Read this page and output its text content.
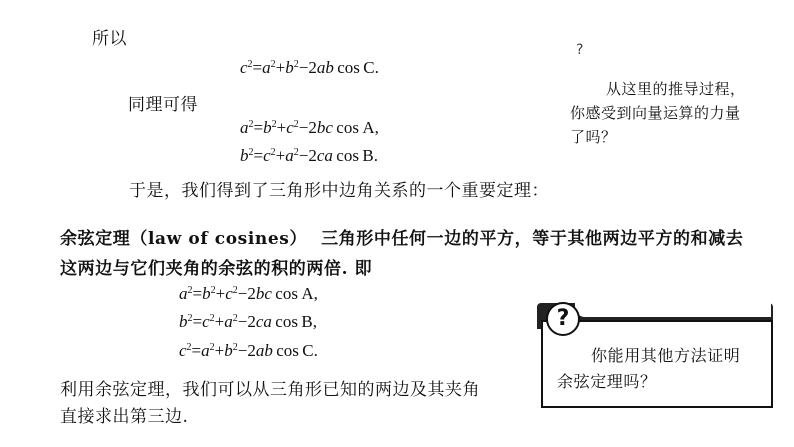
所以
$c^2=a^2+b^2-2ab$ cos C.
同理可得
$a^2=b^2+c^2-2bc$ cos A,
$b^2=c^2+a^2-2ca$ cos B.
于是，我们得到了三角形中边角关系的一个重要定理：
?
从这里的推导过程，
你感受到向量运算的力量
了吗？
余弦定理（law of cosines） 三角形中任何一边的平方，等于其他两边平方的和减去
这两边与它们夹角的余弦的积的两倍. 即
$a^2=b^2+c^2-2bc$ cos A,
$b^2=c^2+a^2-2ca$ cos B,
$c^2=a^2+b^2-2ab$ cos C.
利用余弦定理，我们可以从三角形已知的两边及其夹角
直接求出第三边.
你能用其他方法证明
余弦定理吗？
?
